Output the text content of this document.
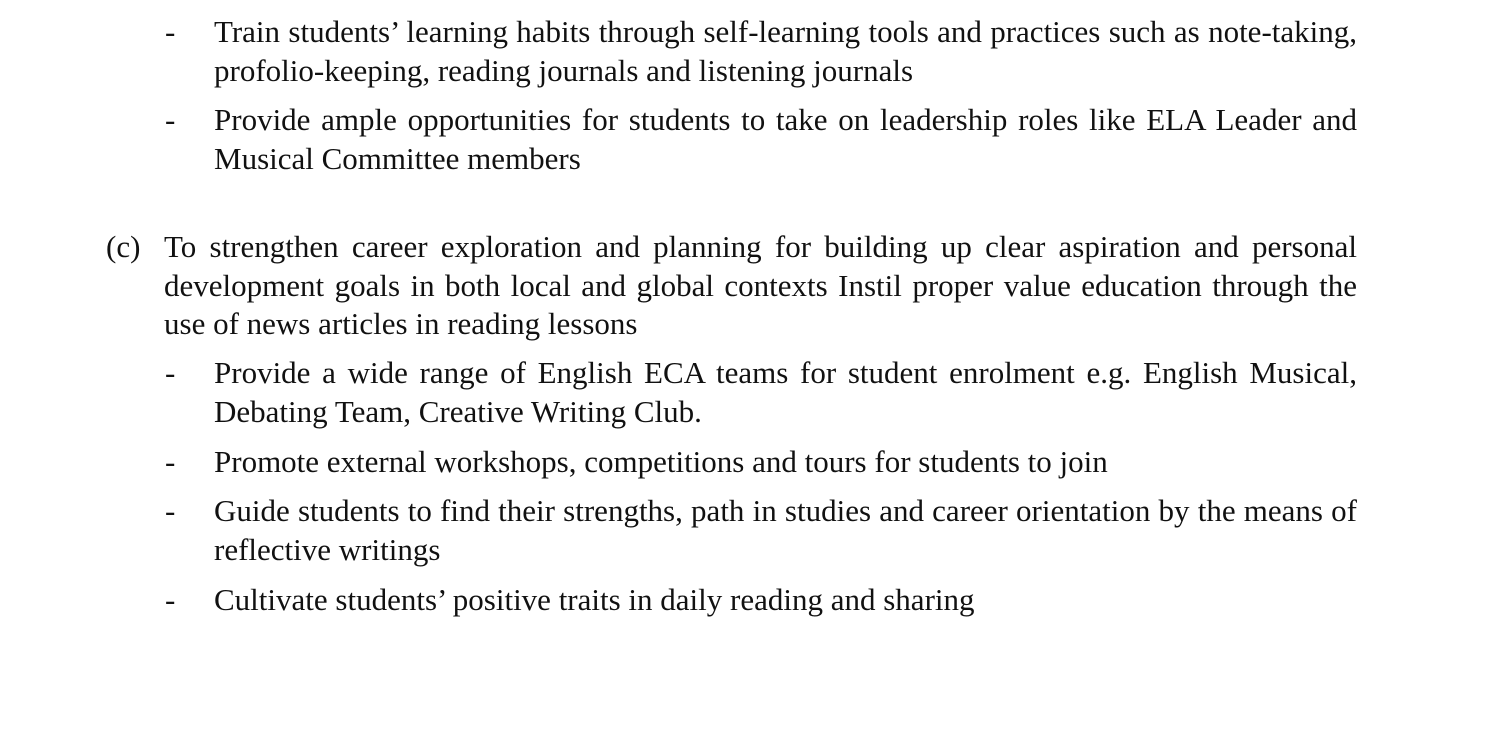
- Train students’ learning habits through self-learning tools and practices such as note-taking, profolio-keeping, reading journals and listening journals
- Provide ample opportunities for students to take on leadership roles like ELA Leader and Musical Committee members
(c) To strengthen career exploration and planning for building up clear aspiration and personal development goals in both local and global contexts Instil proper value education through the use of news articles in reading lessons
- Provide a wide range of English ECA teams for student enrolment e.g. English Musical, Debating Team, Creative Writing Club.
- Promote external workshops, competitions and tours for students to join
- Guide students to find their strengths, path in studies and career orientation by the means of reflective writings
- Cultivate students’ positive traits in daily reading and sharing
